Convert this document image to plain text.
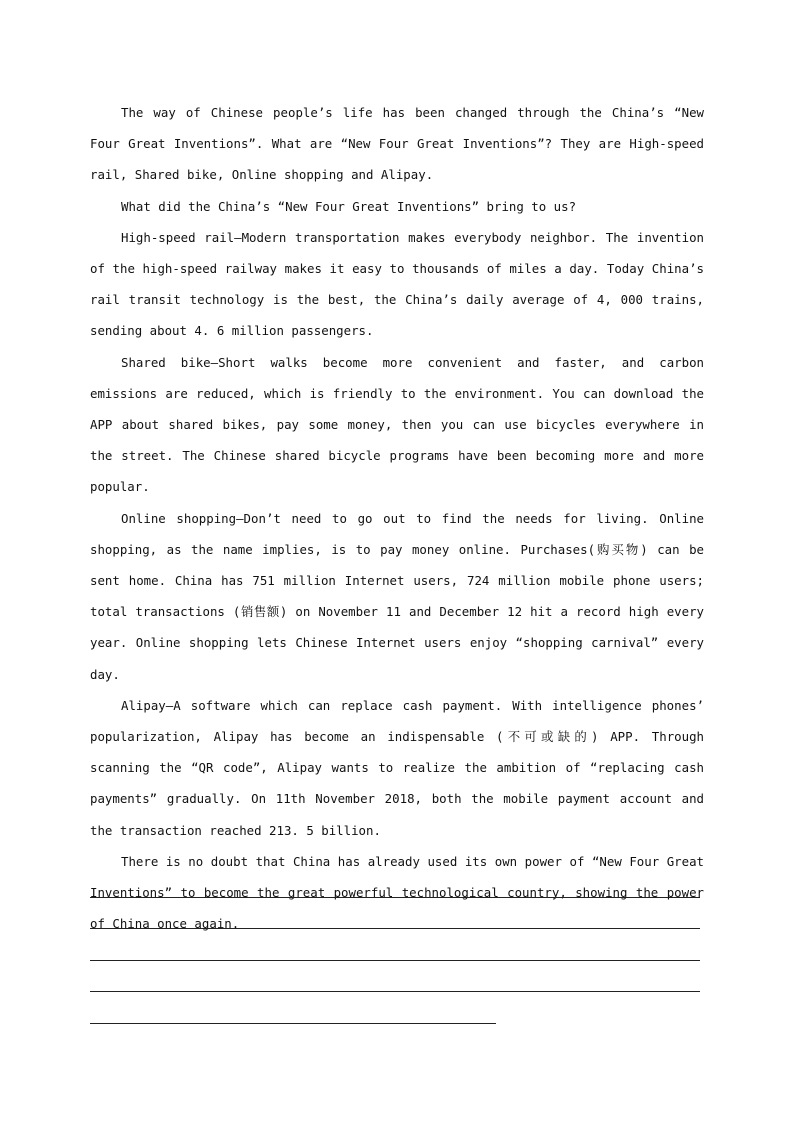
The way of Chinese people’s life has been changed through the China’s “New Four Great Inventions”. What are “New Four Great Inventions”? They are High-speed rail, Shared bike, Online shopping and Alipay.

What did the China’s “New Four Great Inventions” bring to us?

High-speed rail—Modern transportation makes everybody neighbor. The invention of the high-speed railway makes it easy to thousands of miles a day. Today China’s rail transit technology is the best, the China’s daily average of 4, 000 trains, sending about 4. 6 million passengers.

Shared bike—Short walks become more convenient and faster, and carbon emissions are reduced, which is friendly to the environment. You can download the APP about shared bikes, pay some money, then you can use bicycles everywhere in the street. The Chinese shared bicycle programs have been becoming more and more popular.

Online shopping—Don’t need to go out to find the needs for living. Online shopping, as the name implies, is to pay money online. Purchases(购买物) can be sent home. China has 751 million Internet users, 724 million mobile phone users; total transactions (销售额) on November 11 and December 12 hit a record high every year. Online shopping lets Chinese Internet users enjoy “shopping carnival” every day.

Alipay—A software which can replace cash payment. With intelligence phones’ popularization, Alipay has become an indispensable (不可或缺的) APP. Through scanning the “QR code”, Alipay wants to realize the ambition of “replacing cash payments” gradually. On 11th November 2018, both the mobile payment account and the transaction reached 213. 5 billion.

There is no doubt that China has already used its own power of “New Four Great Inventions” to become the great powerful technological country, showing the power of China once again.
